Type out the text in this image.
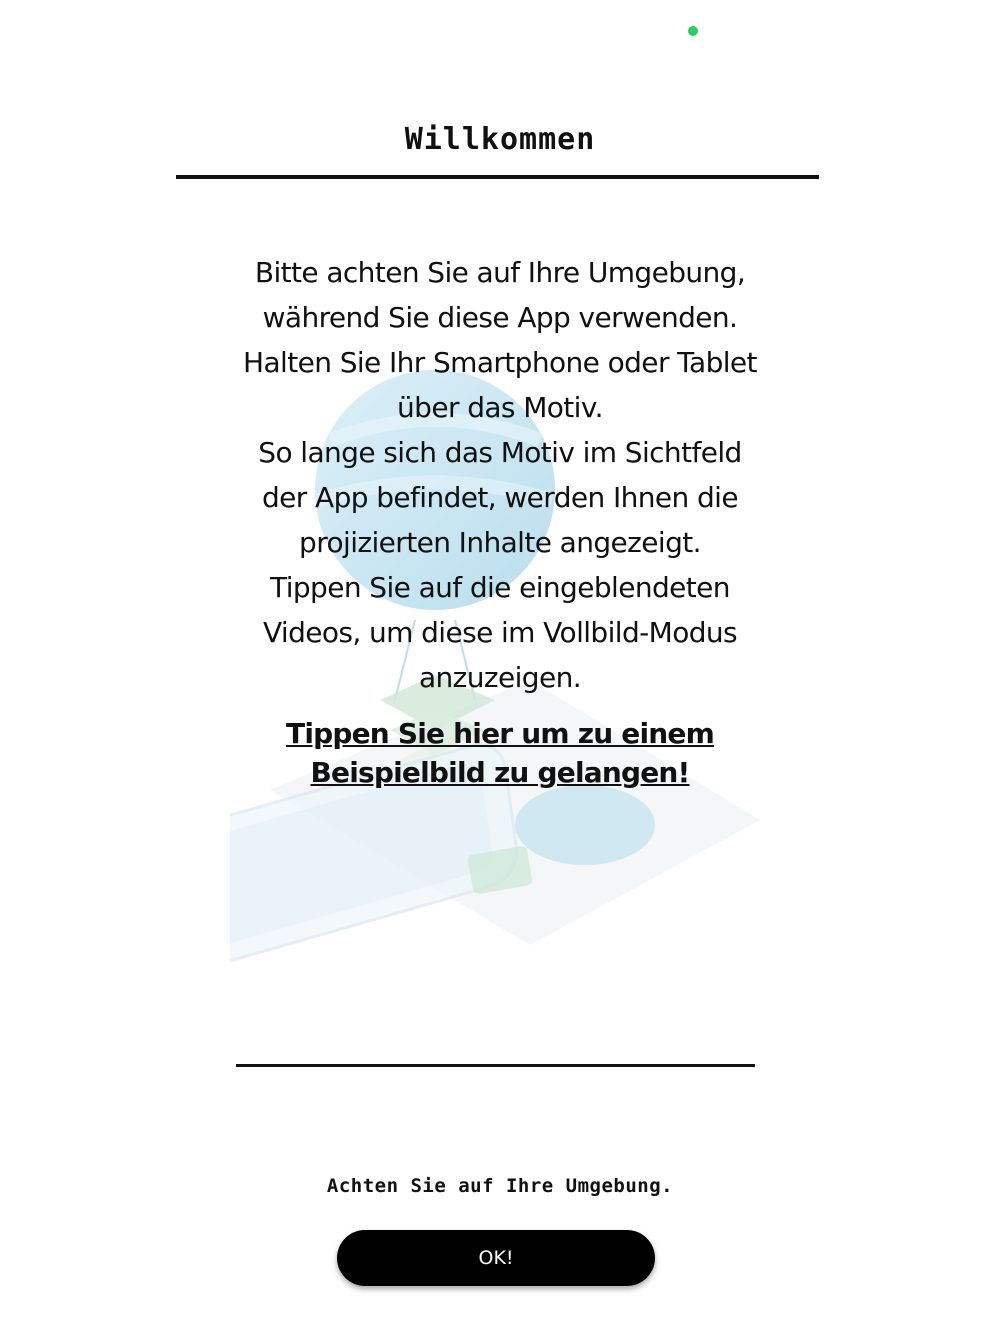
Willkommen
Bitte achten Sie auf Ihre Umgebung,
während Sie diese App verwenden.
Halten Sie Ihr Smartphone oder Tablet
über das Motiv.
So lange sich das Motiv im Sichtfeld
der App befindet, werden Ihnen die
projizierten Inhalte angezeigt.
Tippen Sie auf die eingeblendeten
Videos, um diese im Vollbild-Modus
anzuzeigen.
Tippen Sie hier um zu einem
Beispielbild zu gelangen!
Achten Sie auf Ihre Umgebung.
OK!
